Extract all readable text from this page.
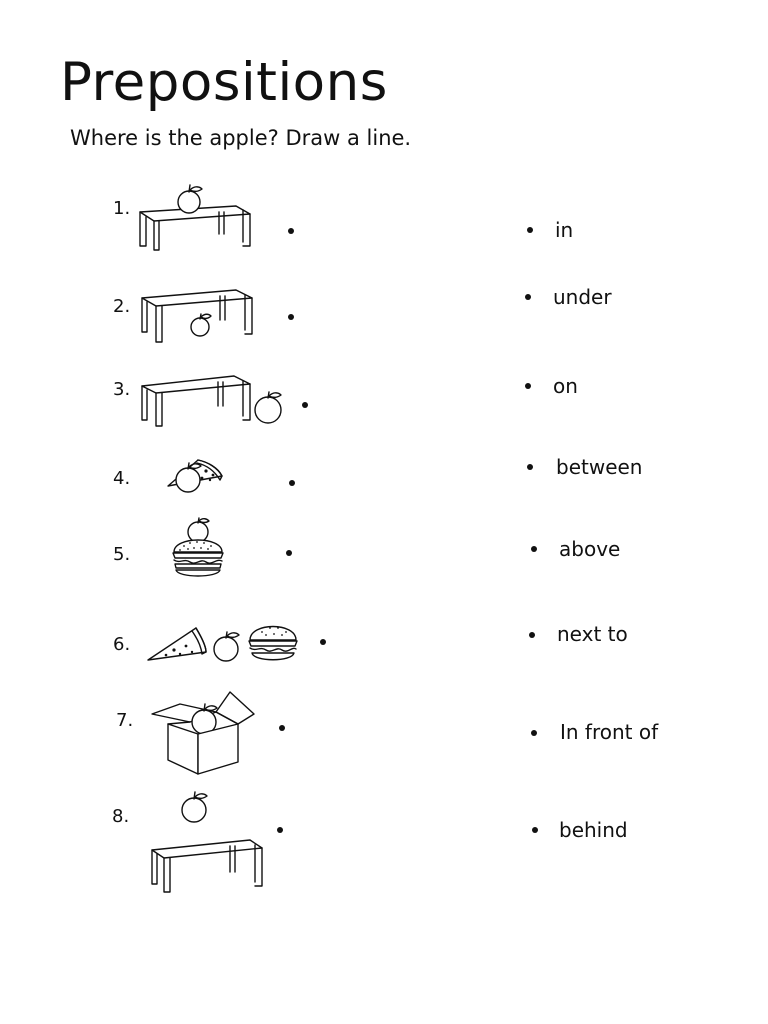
Prepositions
Where is the apple? Draw a line.
1.
2.
3.
4.
5.
6.
7.
8.
in
under
on
between
above
next to
In front of
behind
